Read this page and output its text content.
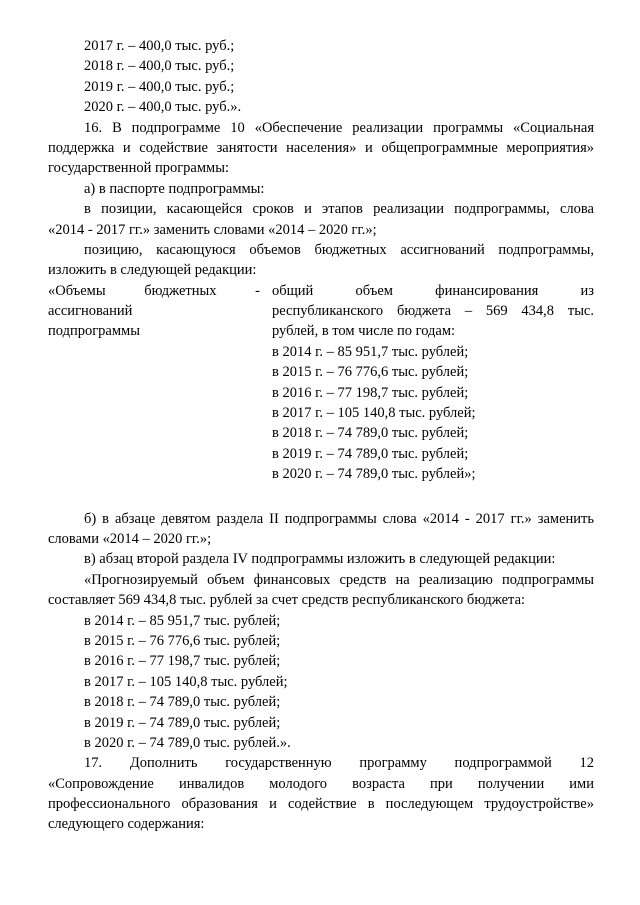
2017 г. – 400,0 тыс. руб.;
2018 г. – 400,0 тыс. руб.;
2019 г. – 400,0 тыс. руб.;
2020 г. – 400,0 тыс. руб.».
16. В подпрограмме 10 «Обеспечение реализации программы «Социальная
поддержка и содействие занятости населения» и общепрограммные мероприятия»
государственной программы:
а) в паспорте подпрограммы:
в позиции, касающейся сроков и этапов реализации подпрограммы, слова
«2014 - 2017 гг.» заменить словами «2014 – 2020 гг.»;
позицию, касающуюся объемов бюджетных ассигнований подпрограммы,
изложить в следующей редакции:
«Объемы бюджетных -
ассигнований
подпрограммы
общий объем финансирования из
республиканского бюджета – 569 434,8 тыс.
рублей, в том числе по годам:
в 2014 г. – 85 951,7 тыс. рублей;
в 2015 г. – 76 776,6 тыс. рублей;
в 2016 г. – 77 198,7 тыс. рублей;
в 2017 г. – 105 140,8 тыс. рублей;
в 2018 г. – 74 789,0 тыс. рублей;
в 2019 г. – 74 789,0 тыс. рублей;
в 2020 г. – 74 789,0 тыс. рублей»;
б) в абзаце девятом раздела II подпрограммы слова «2014 - 2017 гг.» заменить
словами «2014 – 2020 гг.»;
в) абзац второй раздела IV подпрограммы изложить в следующей редакции:
«Прогнозируемый объем финансовых средств на реализацию подпрограммы
составляет 569 434,8 тыс. рублей за счет средств республиканского бюджета:
в 2014 г. – 85 951,7 тыс. рублей;
в 2015 г. – 76 776,6 тыс. рублей;
в 2016 г. – 77 198,7 тыс. рублей;
в 2017 г. – 105 140,8 тыс. рублей;
в 2018 г. – 74 789,0 тыс. рублей;
в 2019 г. – 74 789,0 тыс. рублей;
в 2020 г. – 74 789,0 тыс. рублей.».
17. Дополнить государственную программу подпрограммой 12
«Сопровождение инвалидов молодого возраста при получении ими
профессионального образования и содействие в последующем трудоустройстве»
следующего содержания:
